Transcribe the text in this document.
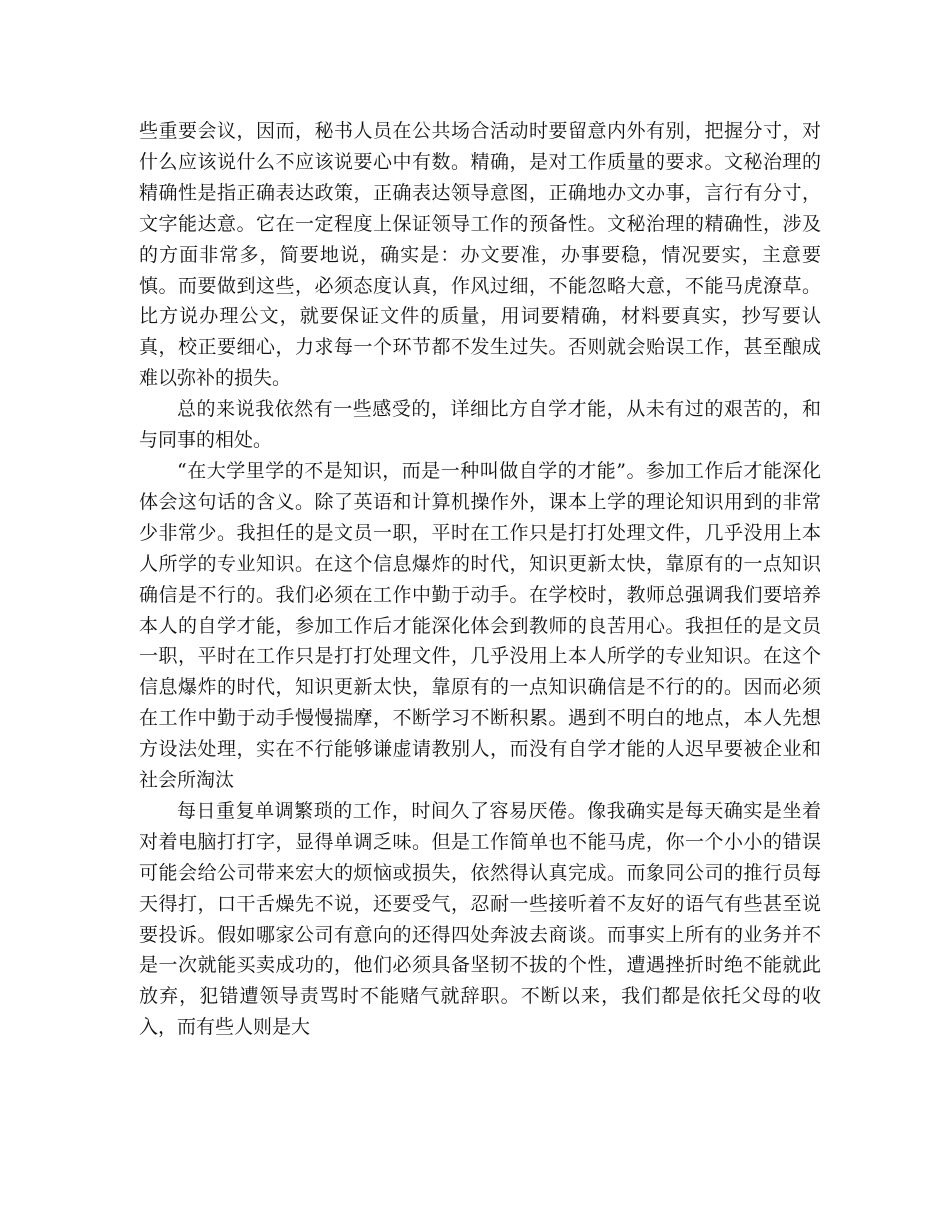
些重要会议，因而，秘书人员在公共场合活动时要留意内外有别，把握分寸，对什么应该说什么不应该说要心中有数。精确，是对工作质量的要求。文秘治理的精确性是指正确表达政策，正确表达领导意图，正确地办文办事，言行有分寸，文字能达意。它在一定程度上保证领导工作的预备性。文秘治理的精确性，涉及的方面非常多，简要地说，确实是：办文要准，办事要稳，情况要实，主意要慎。而要做到这些，必须态度认真，作风过细，不能忽略大意，不能马虎潦草。比方说办理公文，就要保证文件的质量，用词要精确，材料要真实，抄写要认真，校正要细心，力求每一个环节都不发生过失。否则就会贻误工作，甚至酿成难以弥补的损失。

总的来说我依然有一些感受的，详细比方自学才能，从未有过的艰苦的，和与同事的相处。

“在大学里学的不是知识，而是一种叫做自学的才能”。参加工作后才能深化体会这句话的含义。除了英语和计算机操作外，课本上学的理论知识用到的非常少非常少。我担任的是文员一职，平时在工作只是打打处理文件，几乎没用上本人所学的专业知识。在这个信息爆炸的时代，知识更新太快，靠原有的一点知识确信是不行的。我们必须在工作中勤于动手。在学校时，教师总强调我们要培养本人的自学才能，参加工作后才能深化体会到教师的良苦用心。我担任的是文员一职，平时在工作只是打打处理文件，几乎没用上本人所学的专业知识。在这个信息爆炸的时代，知识更新太快，靠原有的一点知识确信是不行的的。因而必须在工作中勤于动手慢慢揣摩，不断学习不断积累。遇到不明白的地点，本人先想方设法处理，实在不行能够谦虚请教别人，而没有自学才能的人迟早要被企业和社会所淘汰

每日重复单调繁琐的工作，时间久了容易厌倦。像我确实是每天确实是坐着对着电脑打打字，显得单调乏味。但是工作简单也不能马虎，你一个小小的错误可能会给公司带来宏大的烦恼或损失，依然得认真完成。而象同公司的推行员每天得打，口干舌燥先不说，还要受气，忍耐一些接听着不友好的语气有些甚至说要投诉。假如哪家公司有意向的还得四处奔波去商谈。而事实上所有的业务并不是一次就能买卖成功的，他们必须具备坚韧不拔的个性，遭遇挫折时绝不能就此放弃，犯错遭领导责骂时不能赌气就辞职。不断以来，我们都是依托父母的收入，而有些人则是大
